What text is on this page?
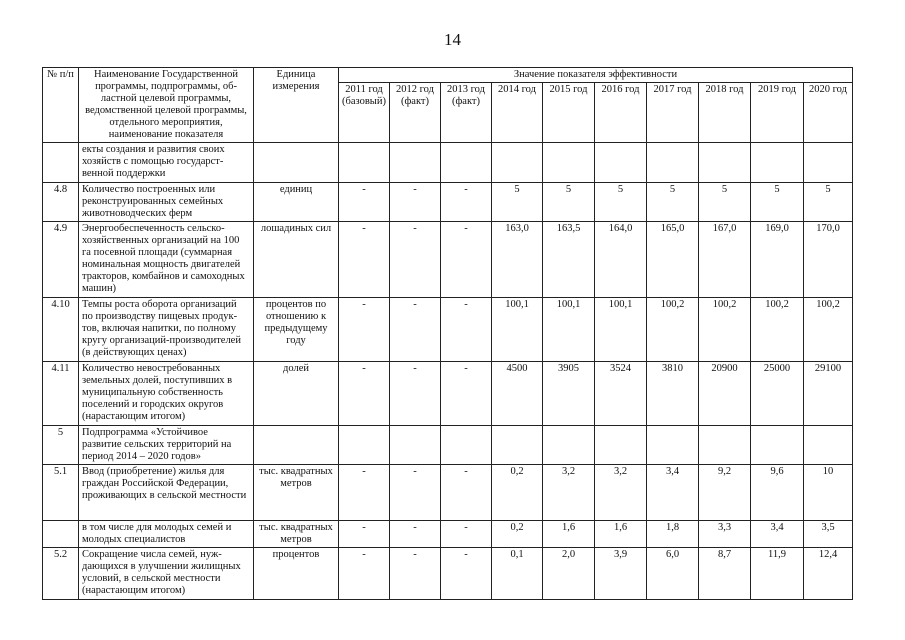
14
№ п/п	Наименование Государственной программы, подпрограммы, областной целевой программы, ведомственной целевой программы, отдельного мероприятия, наименование показателя	Единица измерения	Значение показателя эффективности									
			2011 год (базовый)	2012 год (факт)	2013 год (факт)	2014 год	2015 год	2016 год	2017 год	2018 год	2019 год	2020 год
	екты создания и развития своих хозяйств с помощью государственной поддержки											
4.8	Количество построенных или реконструированных семейных животноводческих ферм	единиц	-	-	-	5	5	5	5	5	5	5
4.9	Энергообеспеченность сельскохозяйственных организаций на 100 га посевной площади (суммарная номинальная мощность двигателей тракторов, комбайнов и самоходных машин)	лошадиных сил	-	-	-	163,0	163,5	164,0	165,0	167,0	169,0	170,0
4.10	Темпы роста оборота организаций по производству пищевых продуктов, включая напитки, по полному кругу организаций-производителей (в действующих ценах)	процентов по отношению к предыдущему году	-	-	-	100,1	100,1	100,1	100,2	100,2	100,2	100,2
4.11	Количество невостребованных земельных долей, поступивших в муниципальную собственность поселений и городских округов (нарастающим итогом)	долей	-	-	-	4500	3905	3524	3810	20900	25000	29100
5	Подпрограмма «Устойчивое развитие сельских территорий на период 2014 – 2020 годов»											
5.1	Ввод (приобретение) жилья для граждан Российской Федерации, проживающих в сельской местности	тыс. квадратных метров	-	-	-	0,2	3,2	3,2	3,4	9,2	9,6	10
	в том числе для молодых семей и молодых специалистов	тыс. квадратных метров	-	-	-	0,2	1,6	1,6	1,8	3,3	3,4	3,5
5.2	Сокращение числа семей, нуждающихся в улучшении жилищных условий, в сельской местности (нарастающим итогом)	процентов	-	-	-	0,1	2,0	3,9	6,0	8,7	11,9	12,4
